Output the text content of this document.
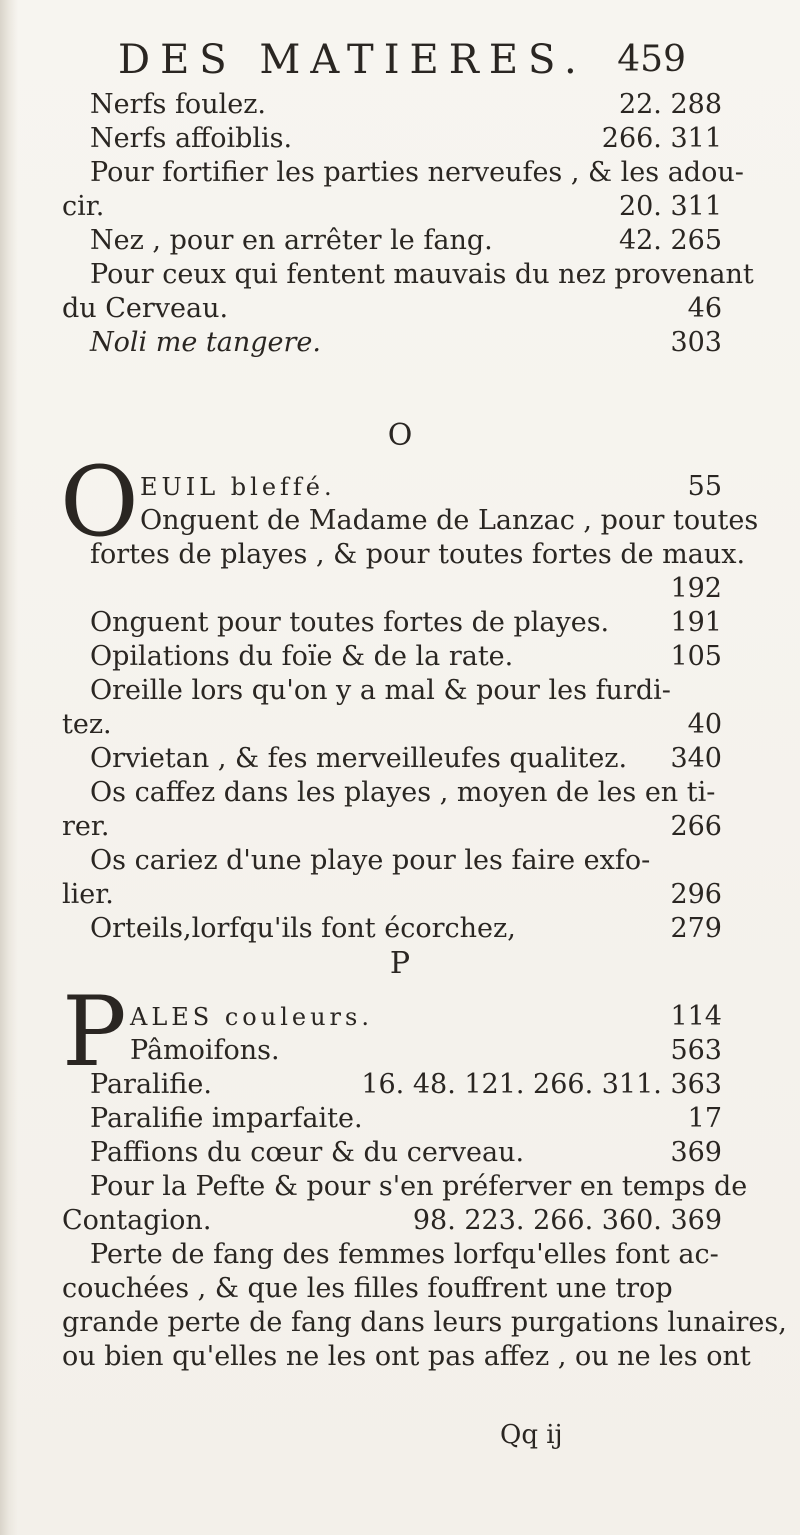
DES MATIERES. 459
Nerfs foulez.	22. 288
Nerfs affoiblis.	266. 311
Pour fortifier les parties nerveufes , & les adou-
cir.	20. 311
Nez , pour en arrêter le fang.	42. 265
Pour ceux qui fentent mauvais du nez provenant
du Cerveau.	46
Noli me tangere.	303
O
O EUIL bleffé.	55
Onguent de Madame de Lanzac , pour toutes
fortes de playes , & pour toutes fortes de maux.
192
Onguent pour toutes fortes de playes. 191
Opilations du foïe & de la rate.	105
Oreille lors qu'on y a mal & pour les furdi-
tez.	40
Orvietan , & fes merveilleufes qualitez. 340
Os caffez dans les playes , moyen de les en ti-
rer.	266
Os cariez d'une playe pour les faire exfo-
lier.	296
Orteils,lorfqu'ils font écorchez,	279
P
P ALES couleurs.	114
Pâmoifons.	563
Paralifie.	16. 48. 121. 266. 311. 363
Paralifie imparfaite.	17
Paffions du cœur & du cerveau.	369
Pour la Pefte & pour s'en préferver en temps de
Contagion.	98. 223. 266. 360. 369
Perte de fang des femmes lorfqu'elles font ac-
couchées , & que les filles fouffrent une trop
grande perte de fang dans leurs purgations lunaires,
ou bien qu'elles ne les ont pas affez , ou ne les ont
Qq ij
